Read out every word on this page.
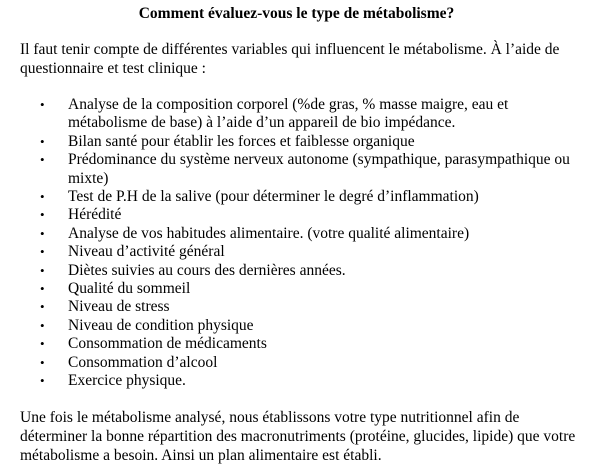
Comment évaluez-vous le type de métabolisme?

Il faut tenir compte de différentes variables qui influencent le métabolisme. À l’aide de questionnaire et test clinique :

• Analyse de la composition corporel (%de gras, % masse maigre, eau et métabolisme de base) à l’aide d’un appareil de bio impédance.
• Bilan santé pour établir les forces et faiblesse organique
• Prédominance du système nerveux autonome (sympathique, parasympathique ou mixte)
• Test de P.H de la salive (pour déterminer le degré d’inflammation)
• Hérédité
• Analyse de vos habitudes alimentaire. (votre qualité alimentaire)
• Niveau d’activité général
• Diètes suivies au cours des dernières années.
• Qualité du sommeil
• Niveau de stress
• Niveau de condition physique
• Consommation de médicaments
• Consommation d’alcool
• Exercice physique.

Une fois le métabolisme analysé, nous établissons votre type nutritionnel afin de déterminer la bonne répartition des macronutriments (protéine, glucides, lipide) que votre métabolisme a besoin. Ainsi un plan alimentaire est établi.
